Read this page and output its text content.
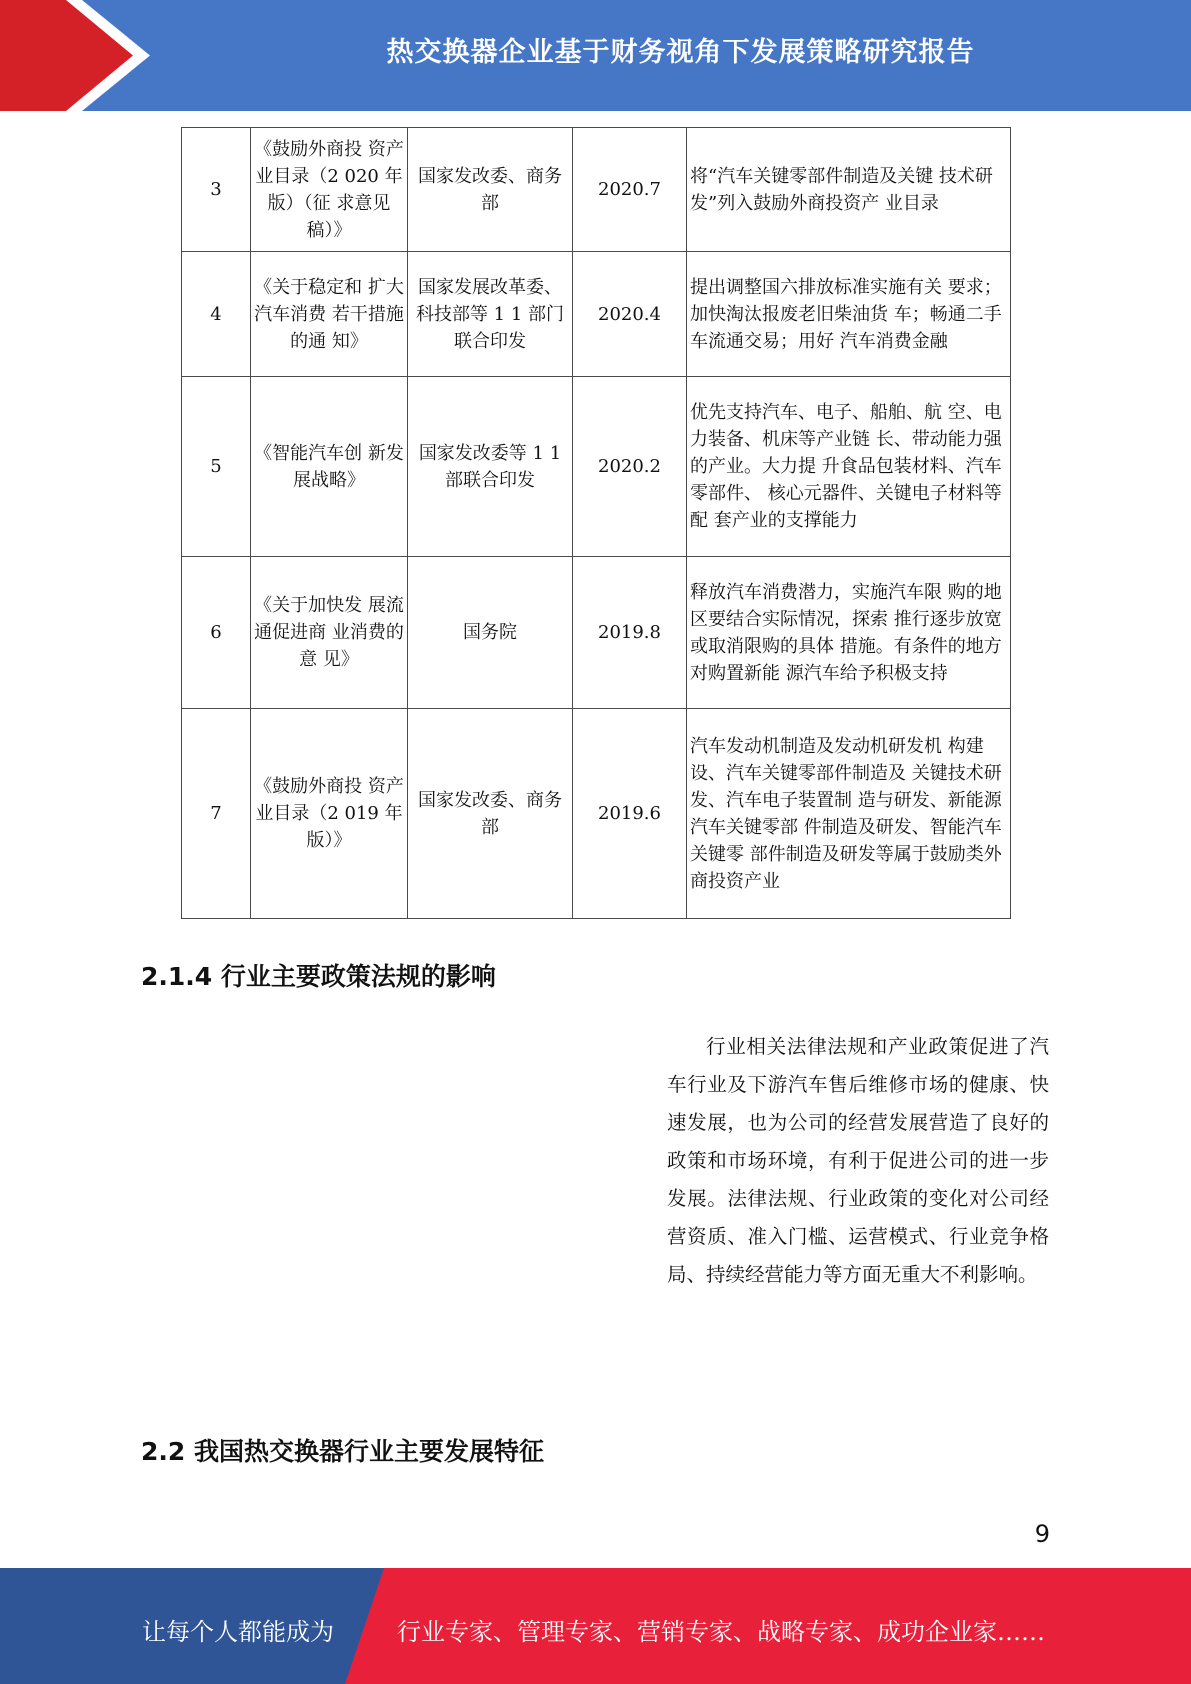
热交换器企业基于财务视角下发展策略研究报告
3	《鼓励外商投 资产业目录（2 020 年版）（征 求意见稿）》	国家发改委、商务部	2020.7	将“汽车关键零部件制造及关键 技术研发”列入鼓励外商投资产 业目录
4	《关于稳定和 扩大汽车消费 若干措施的通 知》	国家发展改革委、科技部等 1 1 部门联合印发	2020.4	提出调整国六排放标准实施有关 要求；加快淘汰报废老旧柴油货 车；畅通二手车流通交易；用好 汽车消费金融
5	《智能汽车创 新发展战略》	国家发改委等 1 1 部联合印发	2020.2	优先支持汽车、电子、船舶、航 空、电力装备、机床等产业链 长、带动能力强的产业。大力提 升食品包装材料、汽车零部件、 核心元器件、关键电子材料等配 套产业的支撑能力
6	《关于加快发 展流通促进商 业消费的意 见》	国务院	2019.8	释放汽车消费潜力，实施汽车限 购的地区要结合实际情况，探索 推行逐步放宽或取消限购的具体 措施。有条件的地方对购置新能 源汽车给予积极支持
7	《鼓励外商投 资产业目录（2 019 年版）》	国家发改委、商务部	2019.6	汽车发动机制造及发动机研发机 构建设、汽车关键零部件制造及 关键技术研发、汽车电子装置制 造与研发、新能源汽车关键零部 件制造及研发、智能汽车关键零 部件制造及研发等属于鼓励类外 商投资产业
2.1.4 行业主要政策法规的影响

行业相关法律法规和产业政策促进了汽车行业及下游汽车售后维修市场的健康、快速发展，也为公司的经营发展营造了良好的政策和市场环境，有利于促进公司的进一步发展。法律法规、行业政策的变化对公司经营资质、准入门槛、运营模式、行业竞争格局、持续经营能力等方面无重大不利影响。

2.2 我国热交换器行业主要发展特征
9
让每个人都能成为	行业专家、管理专家、营销专家、战略专家、成功企业家……
